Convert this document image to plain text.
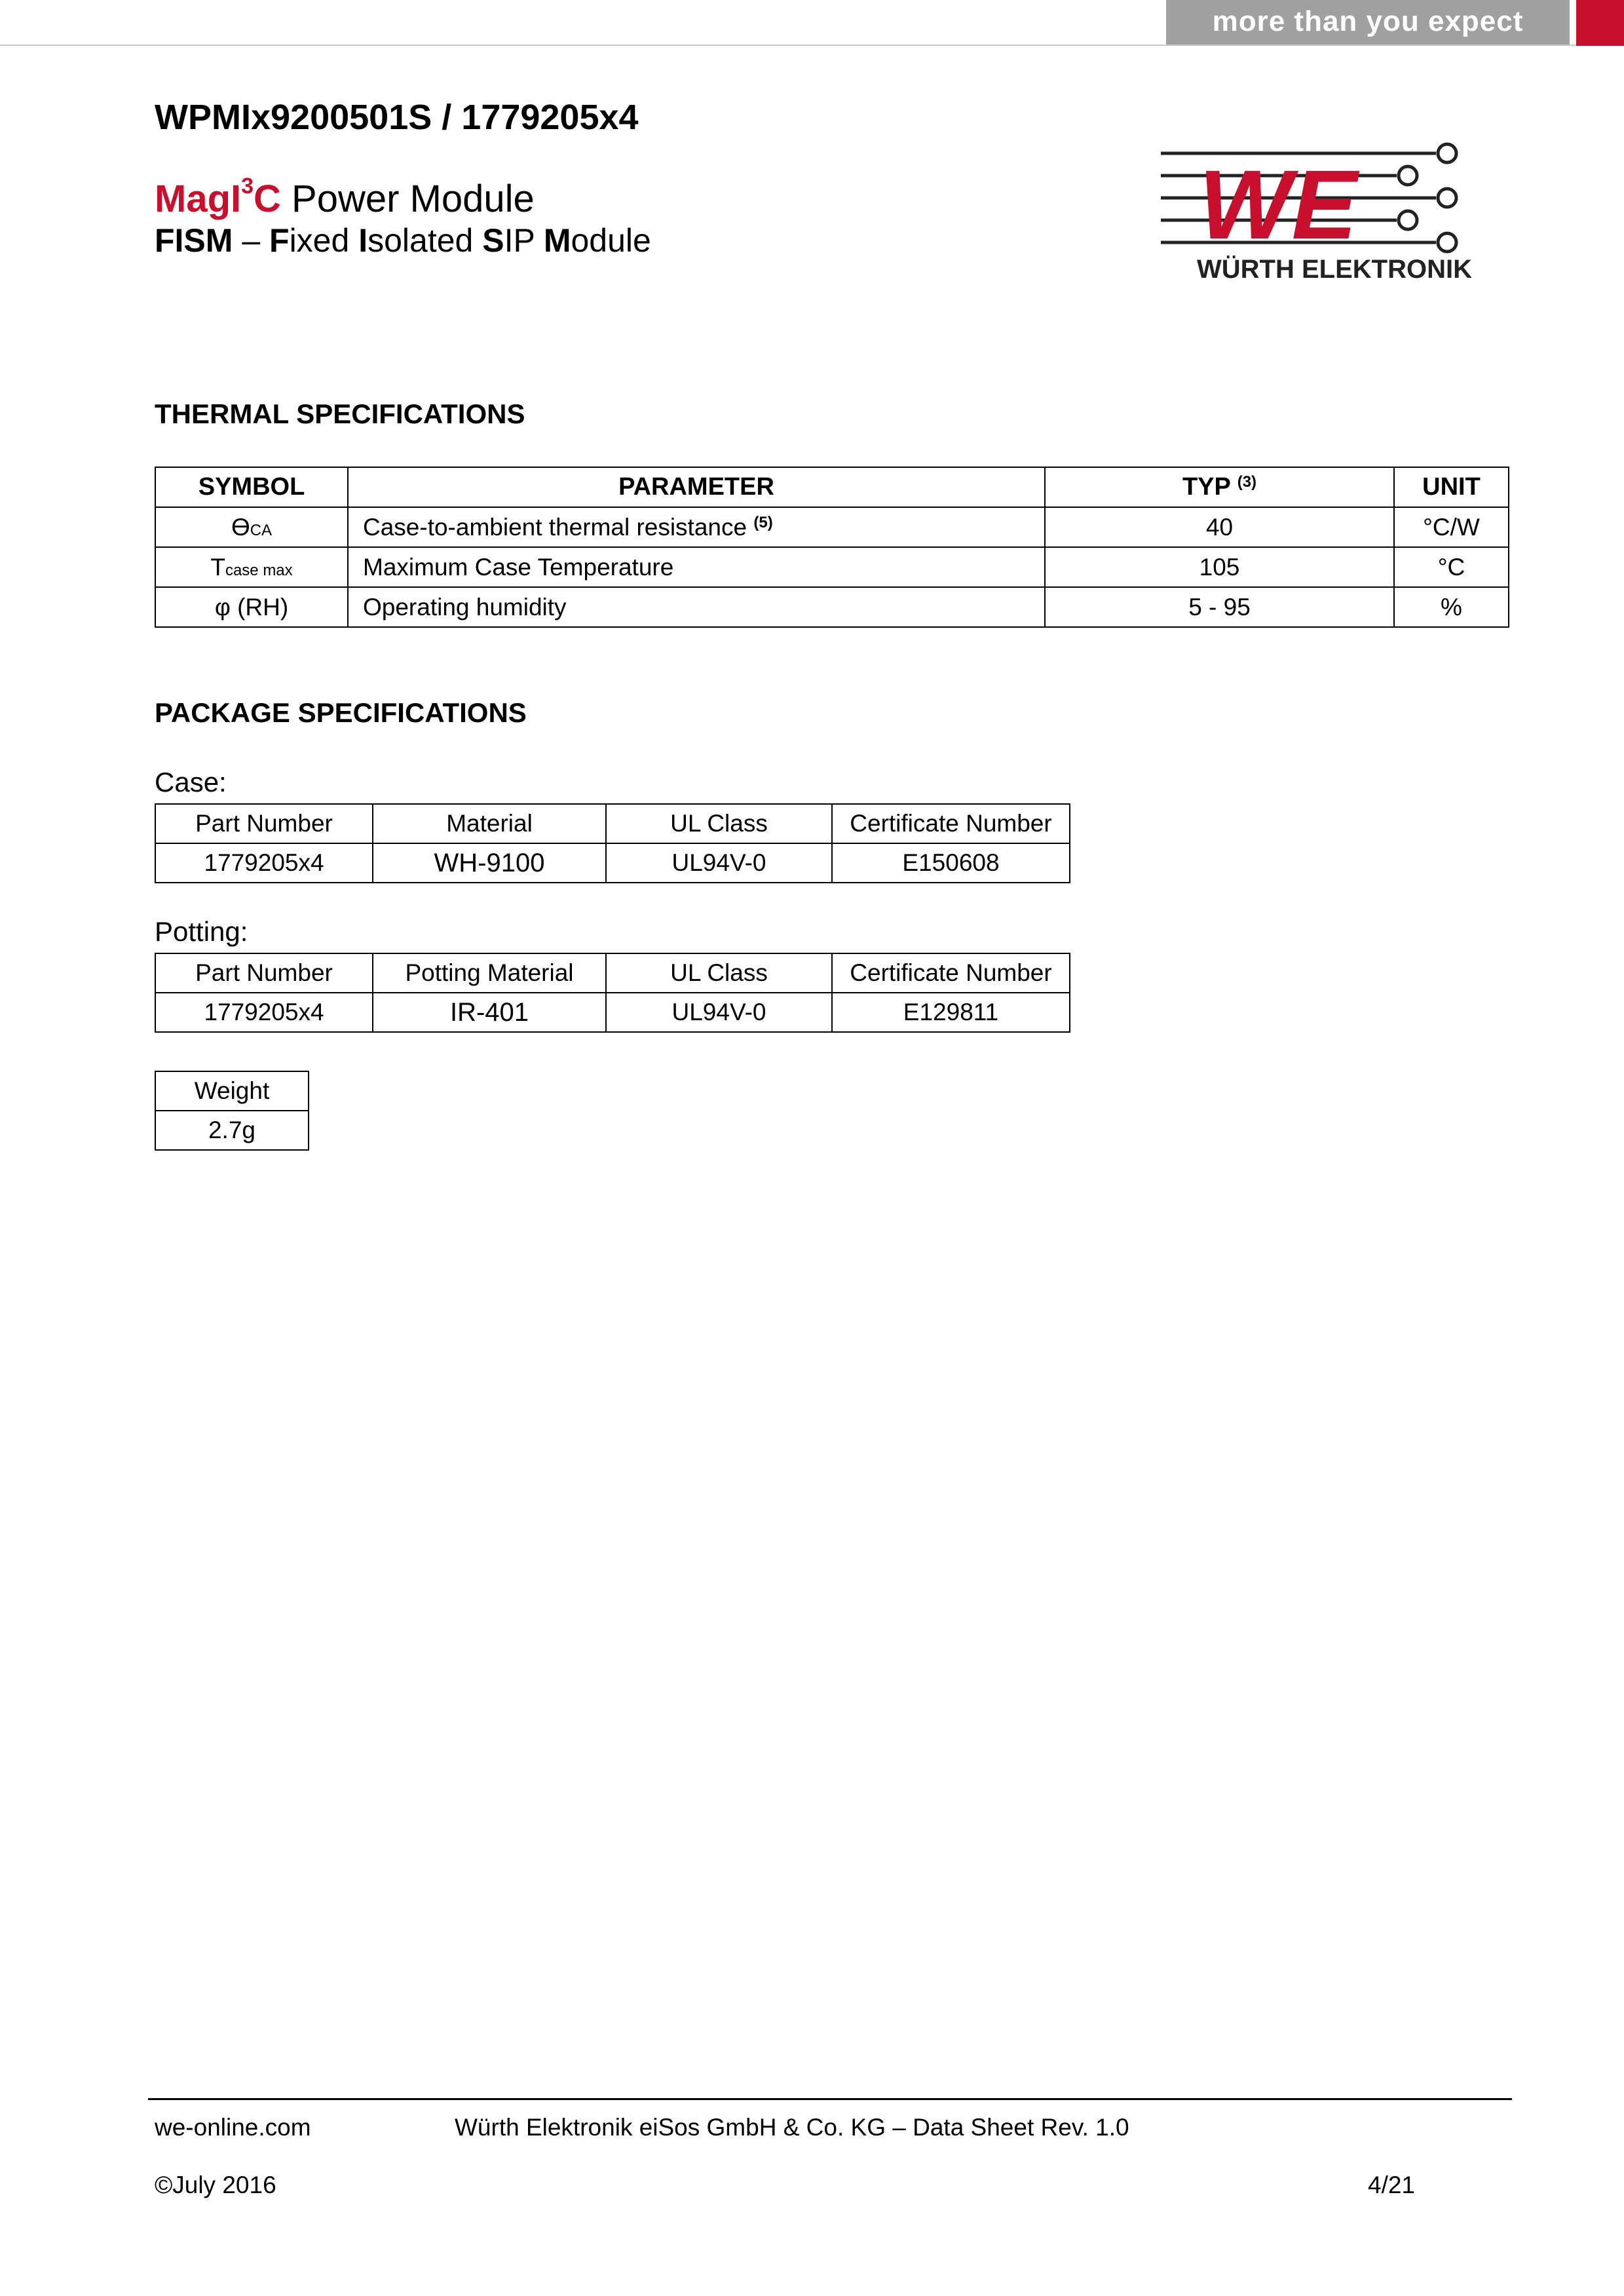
more than you expect
WPMIx9200501S / 1779205x4
MagI$^3$C Power Module
FISM – Fixed Isolated SIP Module	WE
WÜRTH ELEKTRONIK
THERMAL SPECIFICATIONS
SYMBOL	PARAMETER	TYP $^{(3)}$	UNIT
ϴCA	Case-to-ambient thermal resistance $^{(5)}$	40	°C/W
Tcase max	Maximum Case Temperature	105	°C
φ (RH)	Operating humidity	5 - 95	%
PACKAGE SPECIFICATIONS
Case:
Part Number	Material	UL Class	Certificate Number
1779205x4	WH-9100	UL94V-0	E150608
Potting:
Part Number	Potting Material	UL Class	Certificate Number
1779205x4	IR-401	UL94V-0	E129811
Weight
2.7g
we-online.com	Würth Elektronik eiSos GmbH & Co. KG – Data Sheet Rev. 1.0
©July 2016	4/21
